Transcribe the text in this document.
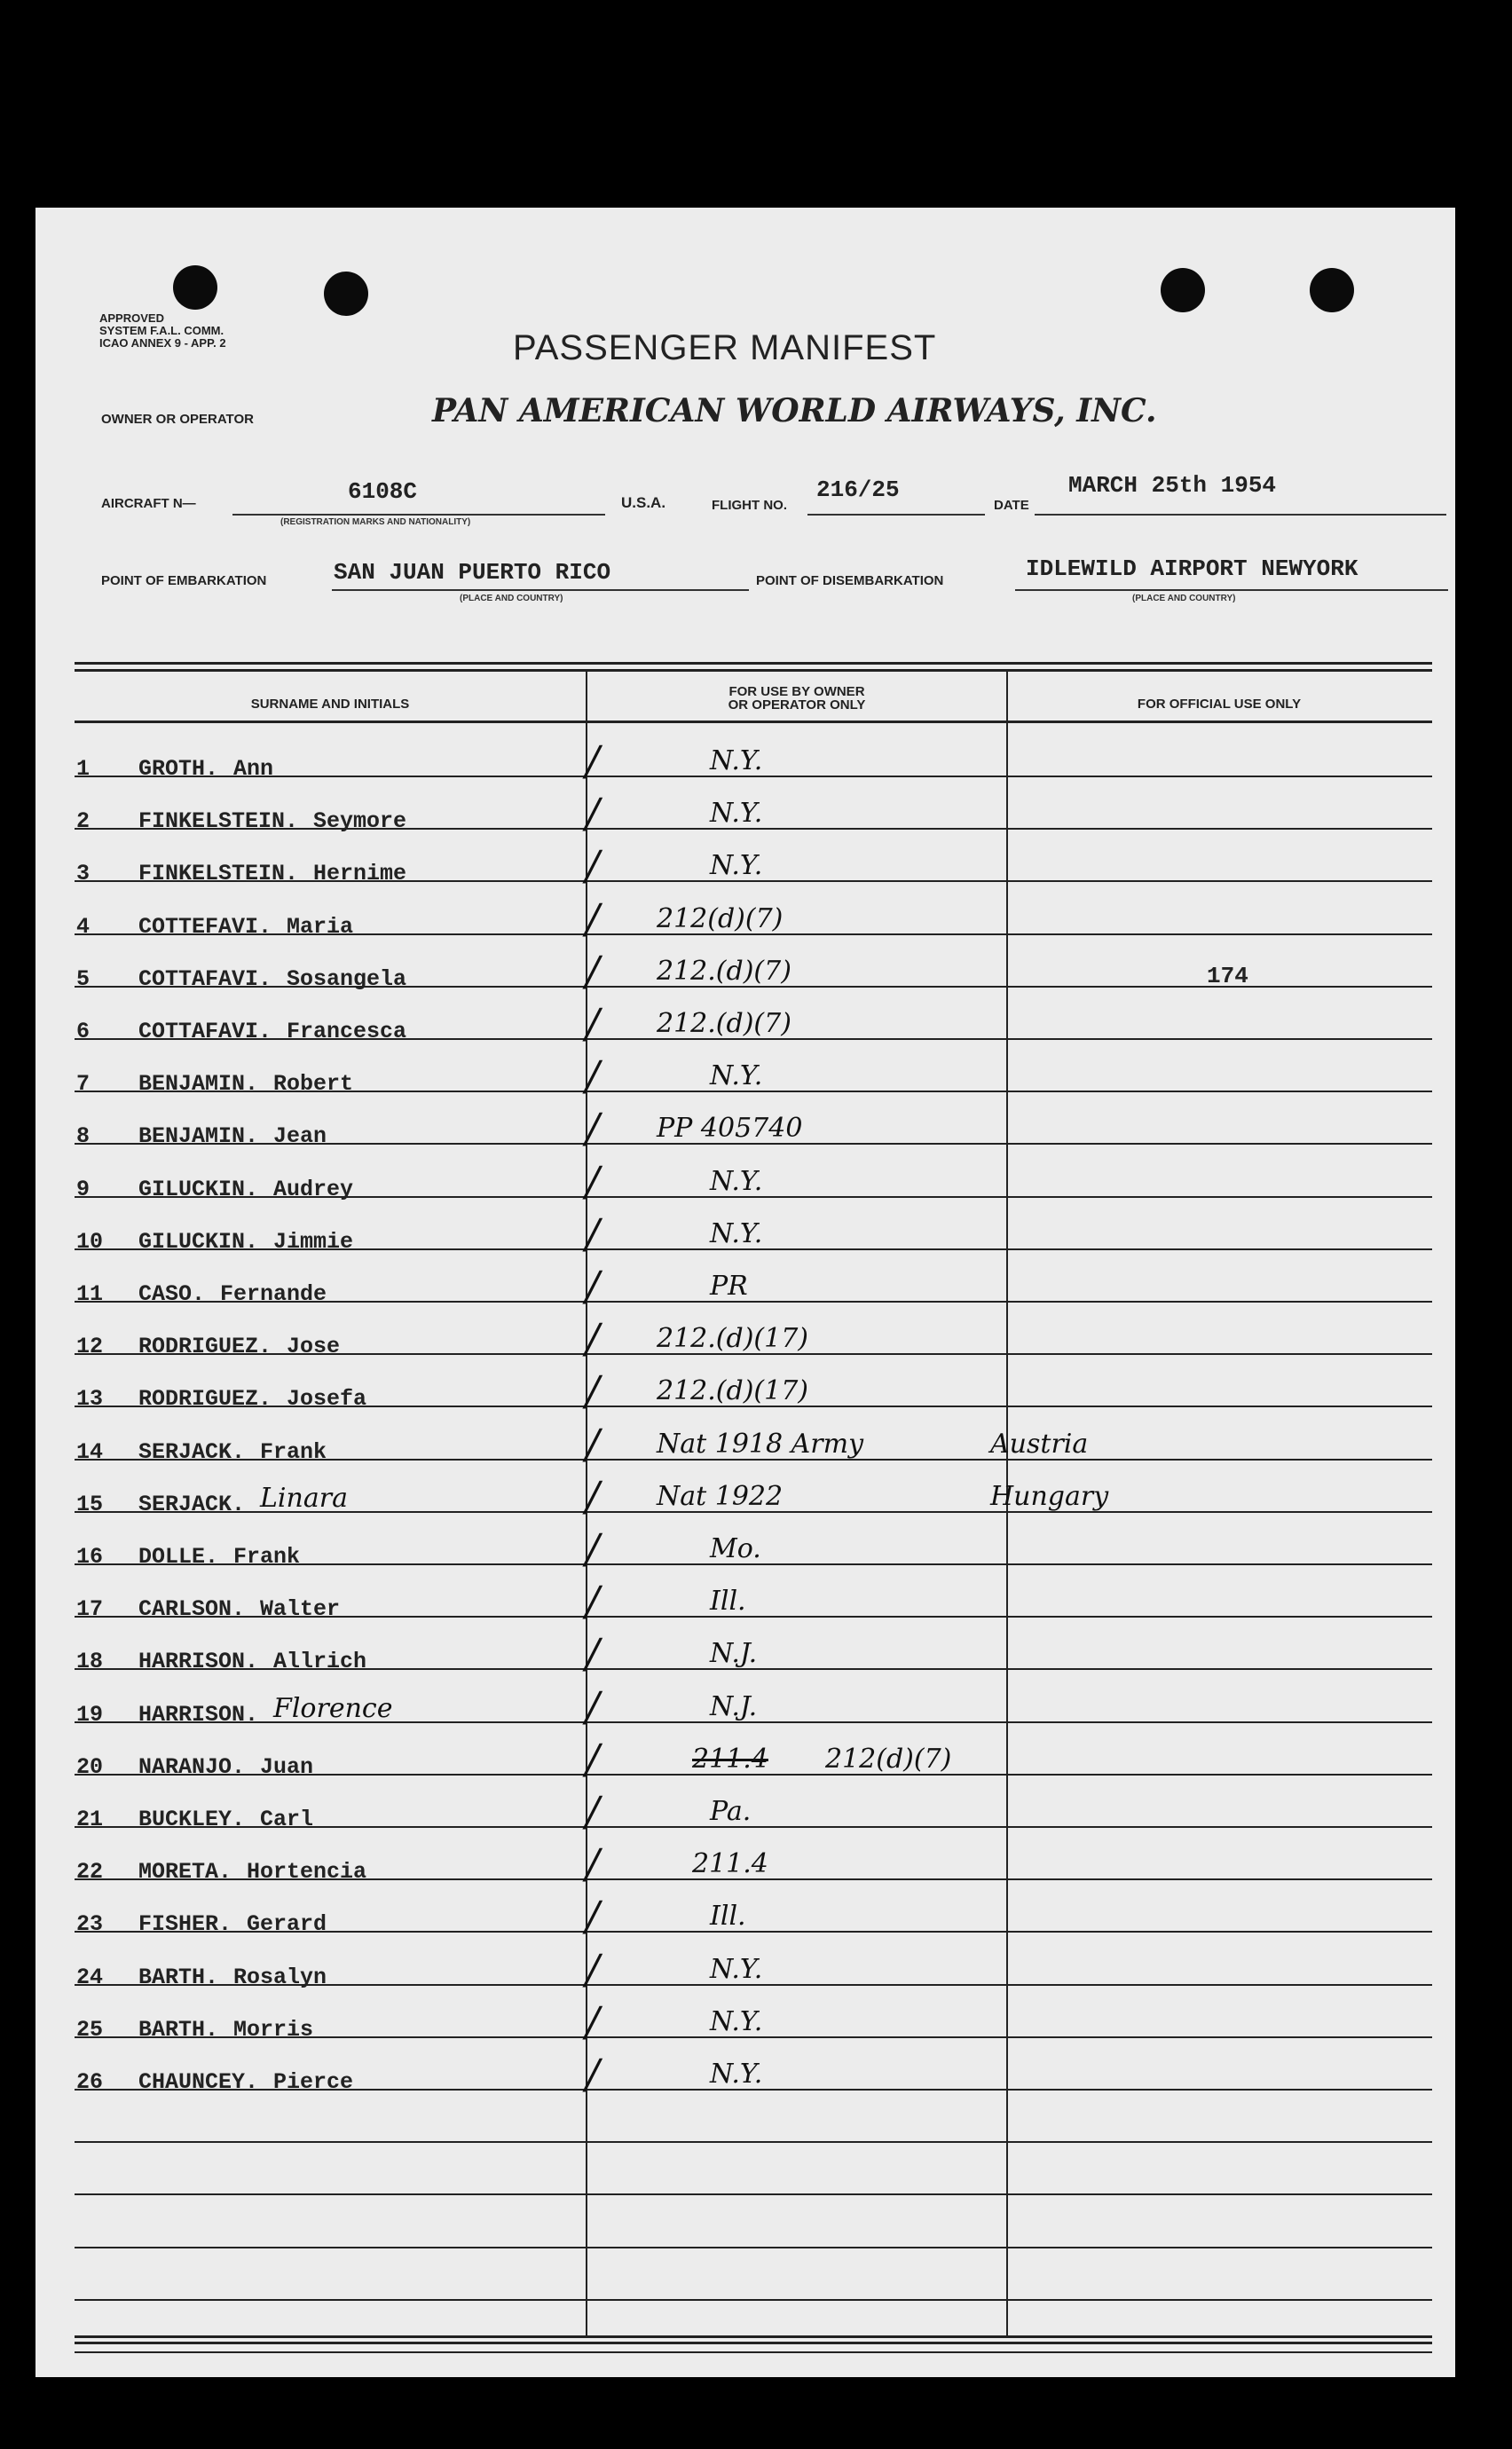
APPROVED
SYSTEM F.A.L. COMM.
ICAO ANNEX 9 - APP. 2	PASSENGER MANIFEST
OWNER OR OPERATOR	PAN AMERICAN WORLD AIRWAYS, INC.
AIRCRAFT N—	6108C
(REGISTRATION MARKS AND NATIONALITY)
U.S.A.	FLIGHT NO.
216/25
DATE
MARCH 25th 1954
POINT OF EMBARKATION	SAN JUAN PUERTO RICO
(PLACE AND COUNTRY)
POINT OF DISEMBARKATION	IDLEWILD AIRPORT NEWYORK
(PLACE AND COUNTRY)
SURNAME AND INITIALS
FOR USE BY OWNER
OR OPERATOR ONLY	FOR OFFICIAL USE ONLY
1 GROTH. Ann	/	N.Y.
2 FINKELSTEIN. Seymore	/	N.Y.
3 FINKELSTEIN. Hernime	/	N.Y.
4 COTTEFAVI. Maria	/ 212(d)(7)
5 COTTAFAVI. Sosangela	/ 212.(d)(7)	174
6 COTTAFAVI. Francesca	/ 212.(d)(7)
7 BENJAMIN. Robert	/	N.Y.
8 BENJAMIN. Jean	/ PP 405740
9 GILUCKIN. Audrey	/	N.Y.
10 GILUCKIN. Jimmie	/	N.Y.
11 CASO. Fernande	/	PR
12 RODRIGUEZ. Jose	/ 212.(d)(17)
13 RODRIGUEZ. Josefa	/ 212.(d)(17)
14 SERJACK. Frank	/ Nat 1918 Army	Austria
15 SERJACK. Linara	/ Nat 1922	Hungary
16 DOLLE. Frank	/	Mo.
17 CARLSON. Walter	/	Ill.
18 HARRISON. Allrich	/	N.J.
19 HARRISON. Florence	/	N.J.
20 NARANJO. Juan	/	211.4 212(d)(7)
21 BUCKLEY. Carl	/	Pa.
22 MORETA. Hortencia	/	211.4
23 FISHER. Gerard	/	Ill.
24 BARTH. Rosalyn	/	N.Y.
25 BARTH. Morris	/	N.Y.
26 CHAUNCEY. Pierce	/	N.Y.
